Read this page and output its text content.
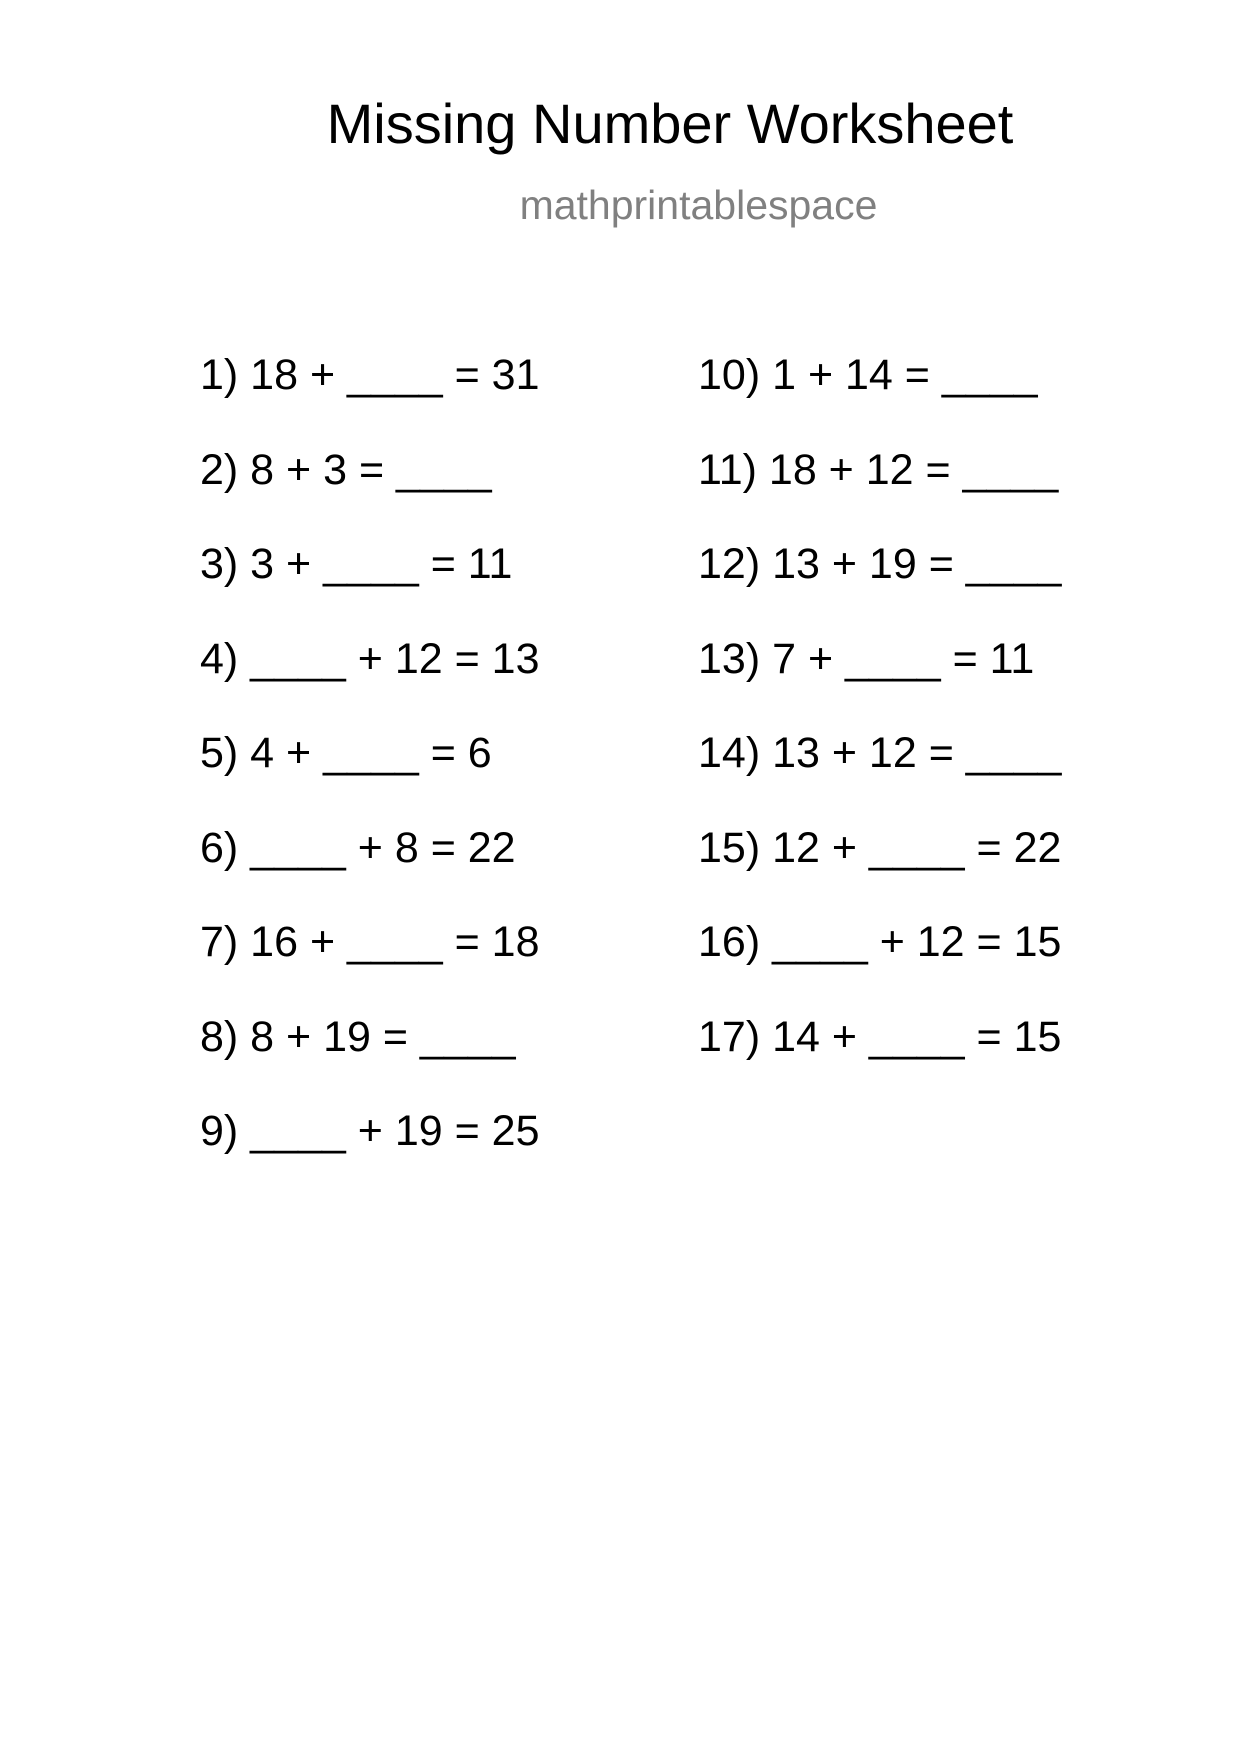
Missing Number Worksheet
mathprintablespace
1) 18 + ____ = 31
2) 8 + 3 = ____
3) 3 + ____ = 11
4) ____ + 12 = 13
5) 4 + ____ = 6
6) ____ + 8 = 22
7) 16 + ____ = 18
8) 8 + 19 = ____
9) ____ + 19 = 25
10) 1 + 14 = ____
11) 18 + 12 = ____
12) 13 + 19 = ____
13) 7 + ____ = 11
14) 13 + 12 = ____
15) 12 + ____ = 22
16) ____ + 12 = 15
17) 14 + ____ = 15
